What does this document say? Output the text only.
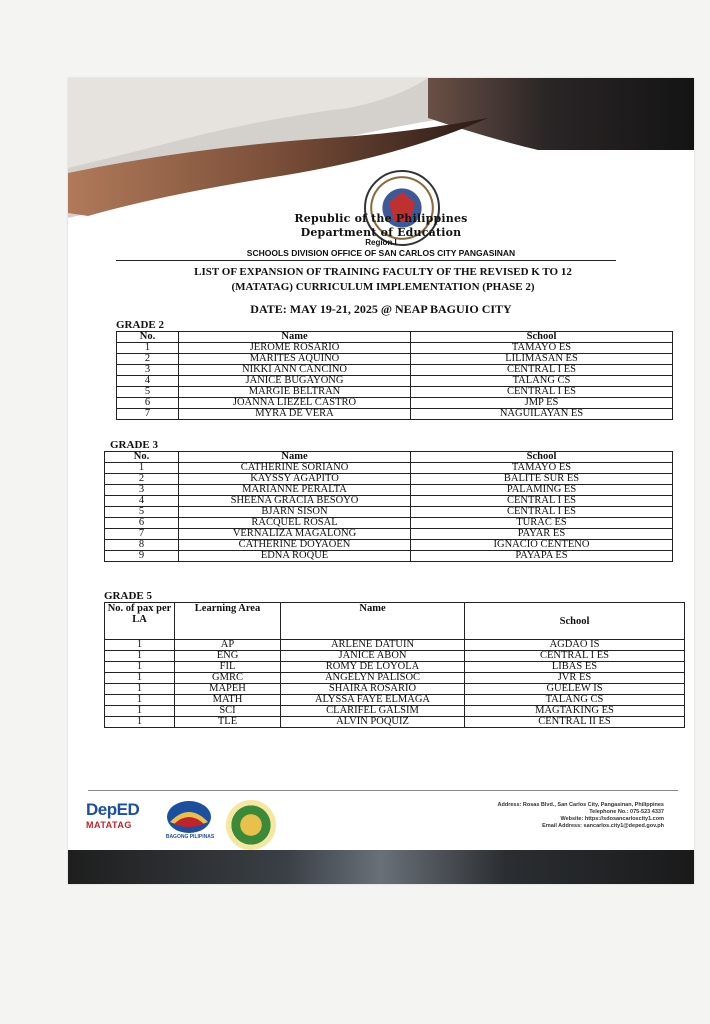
Republic of the Philippines
Department of Education
Region I
SCHOOLS DIVISION OFFICE OF SAN CARLOS CITY PANGASINAN
LIST OF EXPANSION OF TRAINING FACULTY OF THE REVISED K TO 12
(MATATAG) CURRICULUM IMPLEMENTATION (PHASE 2)
DATE: MAY 19-21, 2025 @ NEAP BAGUIO CITY
GRADE 2
No.	Name	School
1	JEROME ROSARIO	TAMAYO ES
2	MARITES AQUINO	LILIMASAN ES
3	NIKKI ANN CANCINO	CENTRAL I ES
4	JANICE BUGAYONG	TALANG CS
5	MARGIE BELTRAN	CENTRAL I ES
6	JOANNA LIEZEL CASTRO	JMP ES
7	MYRA DE VERA	NAGUILAYAN ES
GRADE 3
No.	Name	School
1	CATHERINE SORIANO	TAMAYO ES
2	KAYSSY AGAPITO	BALITE SUR ES
3	MARIANNE PERALTA	PALAMING ES
4	SHEENA GRACIA BESOYO	CENTRAL I ES
5	BJARN SISON	CENTRAL I ES
6	RACQUEL ROSAL	TURAC ES
7	VERNALIZA MAGALONG	PAYAR ES
8	CATHERINE DOYAOEN	IGNACIO CENTENO
9	EDNA ROQUE	PAYAPA ES
GRADE 5
No. of pax per LA	Learning Area	Name	School
1	AP	ARLENE DATUIN	AGDAO IS
1	ENG	JANICE ABON	CENTRAL I ES
1	FIL	ROMY DE LOYOLA	LIBAS ES
1	GMRC	ANGELYN PALISOC	JVR ES
1	MAPEH	SHAIRA ROSARIO	GUELEW IS
1	MATH	ALYSSA FAYE ELMAGA	TALANG CS
1	SCI	CLARIFEL GALSIM	MAGTAKING ES
1	TLE	ALVIN POQUIZ	CENTRAL II ES
DepED
MATATAG
BAGONG PILIPINAS
Address: Rosas Blvd., San Carlos City, Pangasinan, Philippines
Telephone No.: 075-523 4337
Website: https://sdosancarloscity1.com
Email Address: sancarlos.city1@deped.gov.ph
